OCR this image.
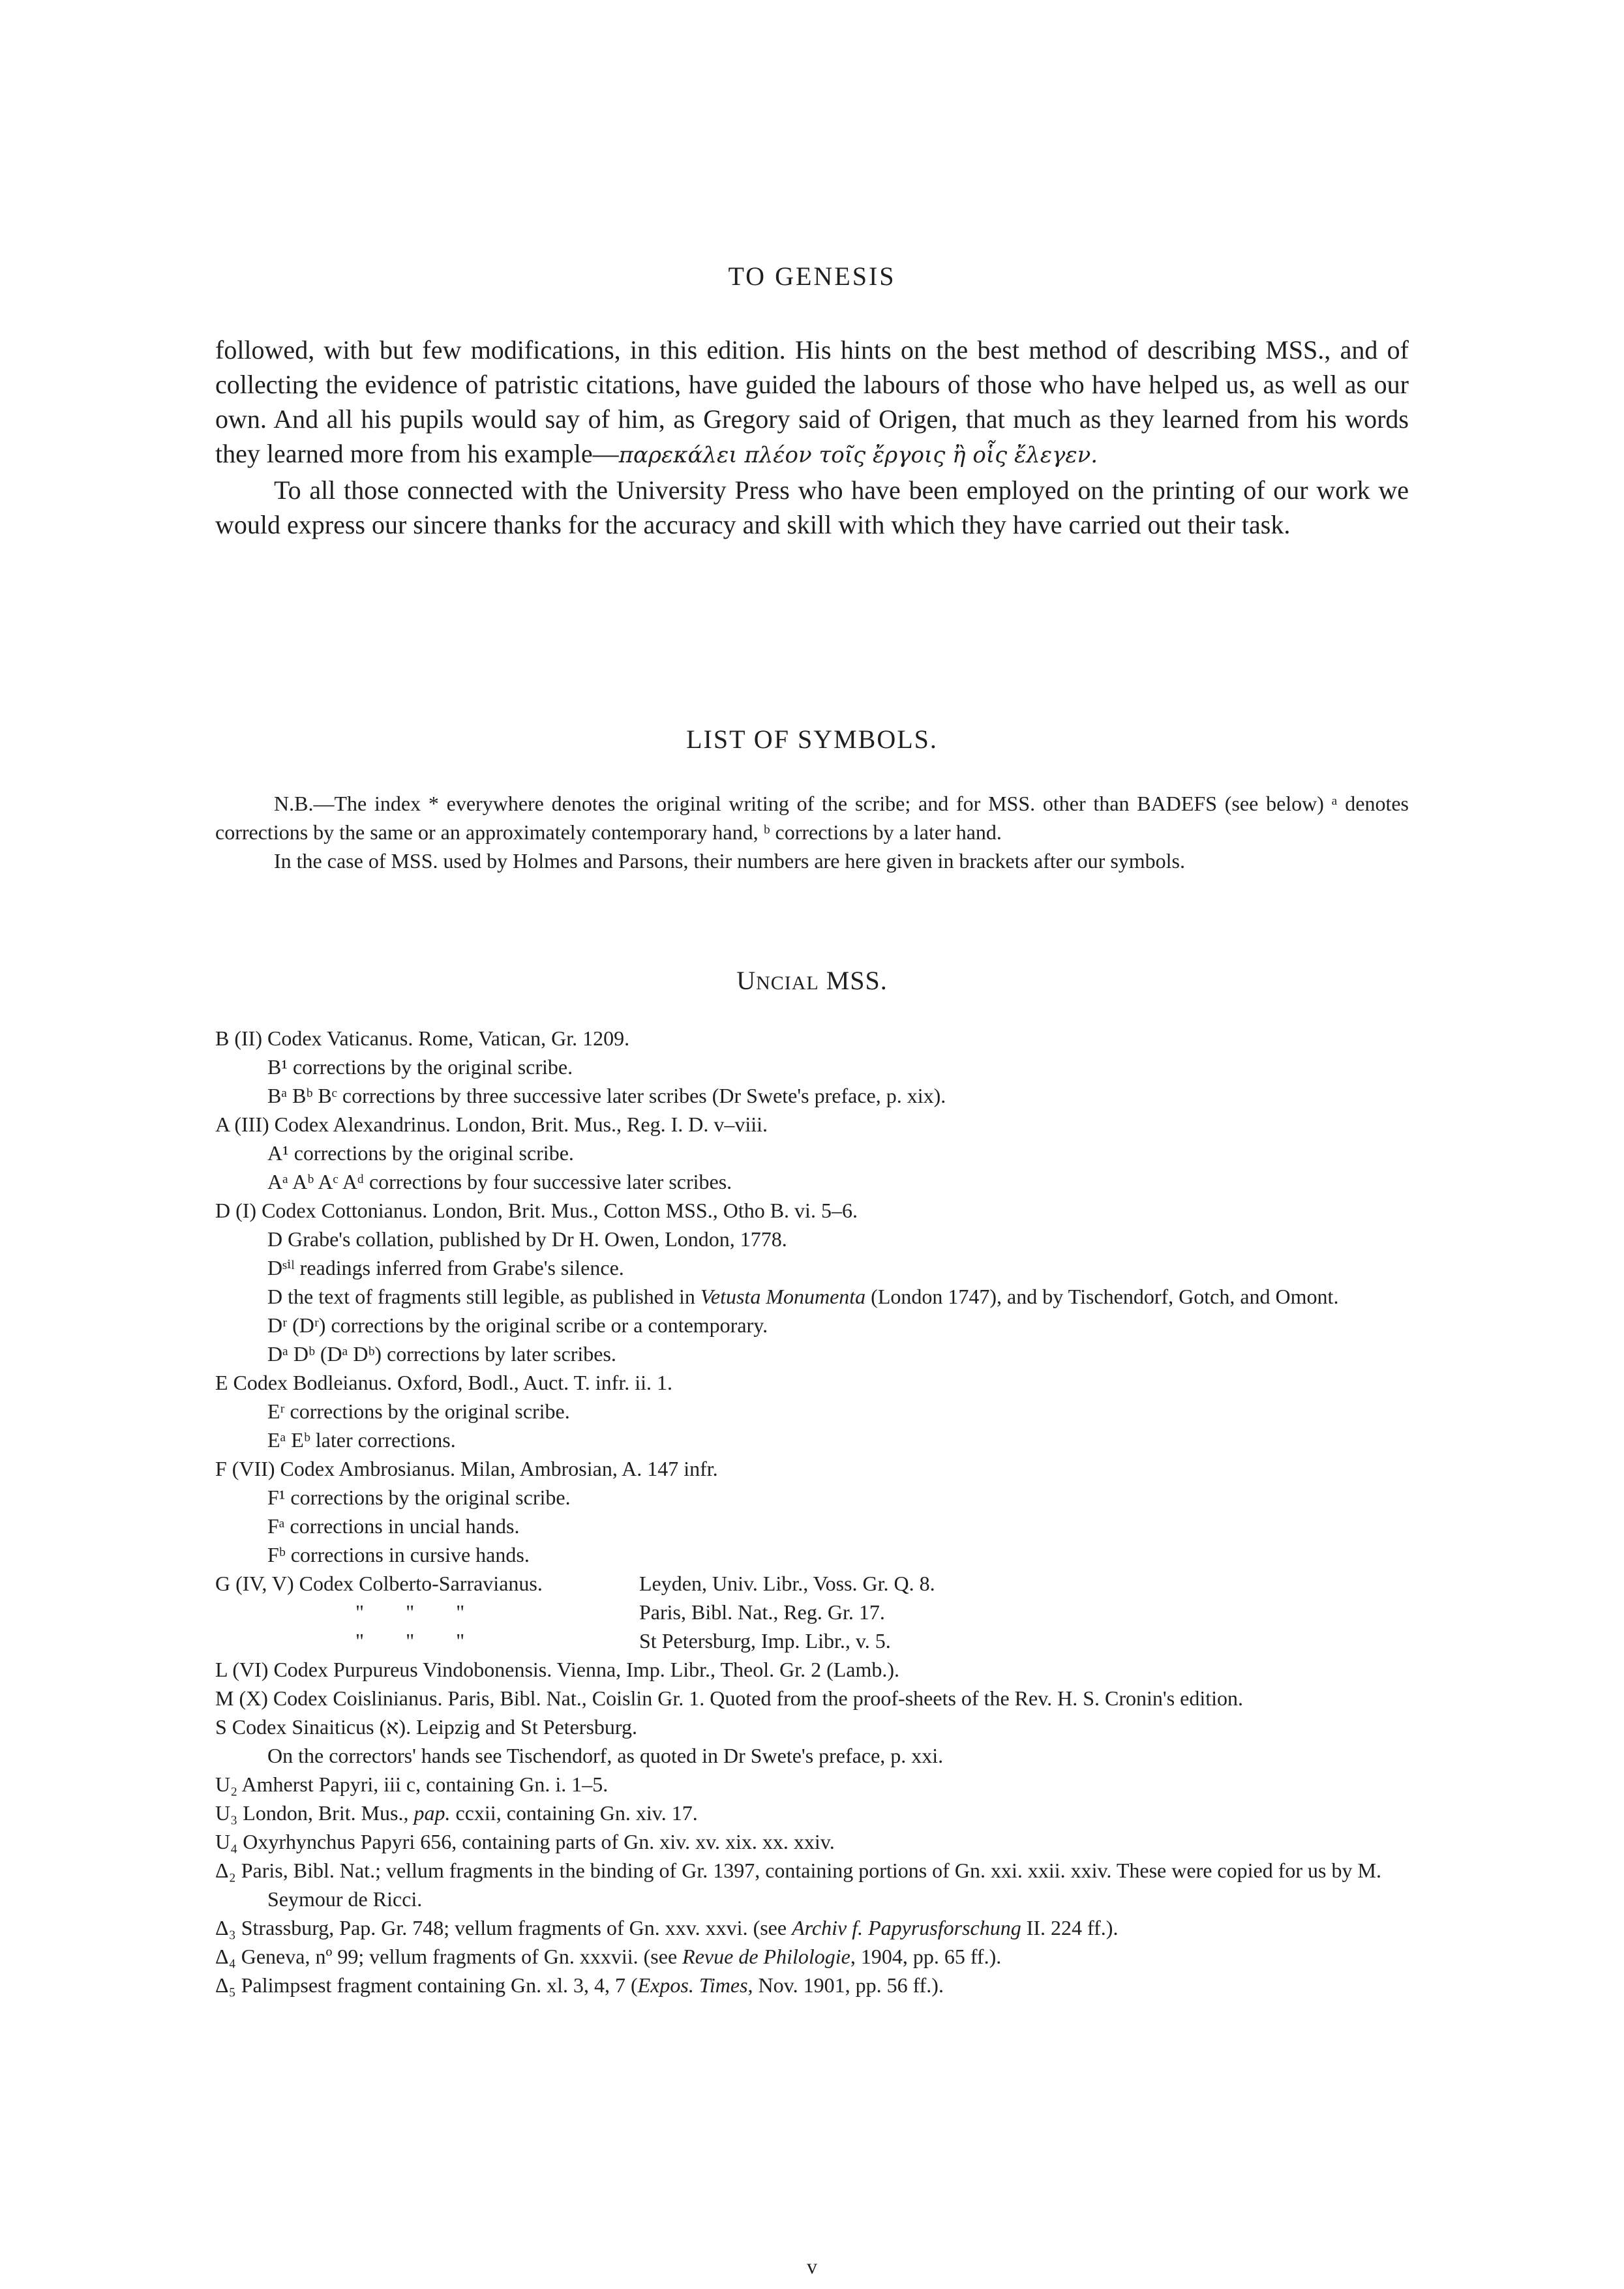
TO GENESIS

followed, with but few modifications, in this edition. His hints on the best method of describing MSS., and of collecting the evidence of patristic citations, have guided the labours of those who have helped us, as well as our own. And all his pupils would say of him, as Gregory said of Origen, that much as they learned from his words they learned more from his example—παρεκάλει πλέον τοῖς ἔργοις ἢ οἷς ἔλεγεν.

To all those connected with the University Press who have been employed on the printing of our work we would express our sincere thanks for the accuracy and skill with which they have carried out their task.

LIST OF SYMBOLS.

N.B.—The index * everywhere denotes the original writing of the scribe; and for MSS. other than BADEFS (see below) ᵃ denotes corrections by the same or an approximately contemporary hand, ᵇ corrections by a later hand.

In the case of MSS. used by Holmes and Parsons, their numbers are here given in brackets after our symbols.

UNCIAL MSS.

B (II) Codex Vaticanus. Rome, Vatican, Gr. 1209.

B¹ corrections by the original scribe.

Bᵃ Bᵇ Bᶜ corrections by three successive later scribes (Dr Swete's preface, p. xix).

A (III) Codex Alexandrinus. London, Brit. Mus., Reg. I. D. v–viii.

A¹ corrections by the original scribe.

Aᵃ Aᵇ Aᶜ Aᵈ corrections by four successive later scribes.

D (I) Codex Cottonianus. London, Brit. Mus., Cotton MSS., Otho B. vi. 5–6.

D Grabe's collation, published by Dr H. Owen, London, 1778.

Dˢⁱˡ readings inferred from Grabe's silence.

D the text of fragments still legible, as published in Vetusta Monumenta (London 1747), and by Tischendorf, Gotch, and Omont.

Dʳ (Dʳ) corrections by the original scribe or a contemporary.

Dᵃ Dᵇ (Dᵃ Dᵇ) corrections by later scribes.

E Codex Bodleianus. Oxford, Bodl., Auct. T. infr. ii. 1.

Eʳ corrections by the original scribe.

Eᵃ Eᵇ later corrections.

F (VII) Codex Ambrosianus. Milan, Ambrosian, A. 147 infr.

F¹ corrections by the original scribe.

Fᵃ corrections in uncial hands.

Fᵇ corrections in cursive hands.

G (IV, V) Codex Colberto-Sarravianus.	Leyden, Univ. Libr., Voss. Gr. Q. 8.
"        "        "	Paris, Bibl. Nat., Reg. Gr. 17.
"        "        "	St Petersburg, Imp. Libr., v. 5.

L (VI) Codex Purpureus Vindobonensis. Vienna, Imp. Libr., Theol. Gr. 2 (Lamb.).

M (X) Codex Coislinianus. Paris, Bibl. Nat., Coislin Gr. 1. Quoted from the proof-sheets of the Rev. H. S. Cronin's edition.

S Codex Sinaiticus (א). Leipzig and St Petersburg.

On the correctors' hands see Tischendorf, as quoted in Dr Swete's preface, p. xxi.

U₂ Amherst Papyri, iii c, containing Gn. i. 1–5.

U₃ London, Brit. Mus., pap. ccxii, containing Gn. xiv. 17.

U₄ Oxyrhynchus Papyri 656, containing parts of Gn. xiv. xv. xix. xx. xxiv.

Δ₂ Paris, Bibl. Nat.; vellum fragments in the binding of Gr. 1397, containing portions of Gn. xxi. xxii. xxiv. These were copied for us by M. Seymour de Ricci.

Δ₃ Strassburg, Pap. Gr. 748; vellum fragments of Gn. xxv. xxvi. (see Archiv f. Papyrusforschung II. 224 ff.).

Δ₄ Geneva, nº 99; vellum fragments of Gn. xxxvii. (see Revue de Philologie, 1904, pp. 65 ff.).

Δ₅ Palimpsest fragment containing Gn. xl. 3, 4, 7 (Expos. Times, Nov. 1901, pp. 56 ff.).

v
